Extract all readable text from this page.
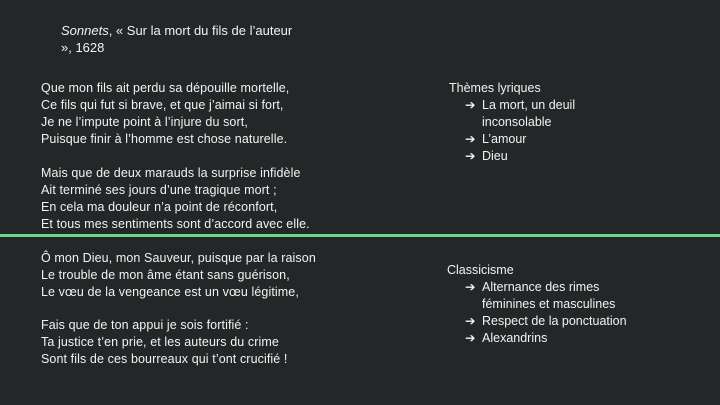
Sonnets, « Sur la mort du fils de l’auteur
», 1628
Que mon fils ait perdu sa dépouille mortelle,
Ce fils qui fut si brave, et que j’aimai si fort,
Je ne l’impute point à l’injure du sort,
Puisque finir à l’homme est chose naturelle.
Mais que de deux marauds la surprise infidèle
Ait terminé ses jours d’une tragique mort ;
En cela ma douleur n’a point de réconfort,
Et tous mes sentiments sont d’accord avec elle.
Ô mon Dieu, mon Sauveur, puisque par la raison
Le trouble de mon âme étant sans guérison,
Le vœu de la vengeance est un vœu légitime,
Fais que de ton appui je sois fortifié :
Ta justice t’en prie, et les auteurs du crime
Sont fils de ces bourreaux qui t’ont crucifié !
Thèmes lyriques
➔ La mort, un deuil
inconsolable
➔ L’amour
➔ Dieu
Classicisme
➔ Alternance des rimes
féminines et masculines
➔ Respect de la ponctuation
➔ Alexandrins
